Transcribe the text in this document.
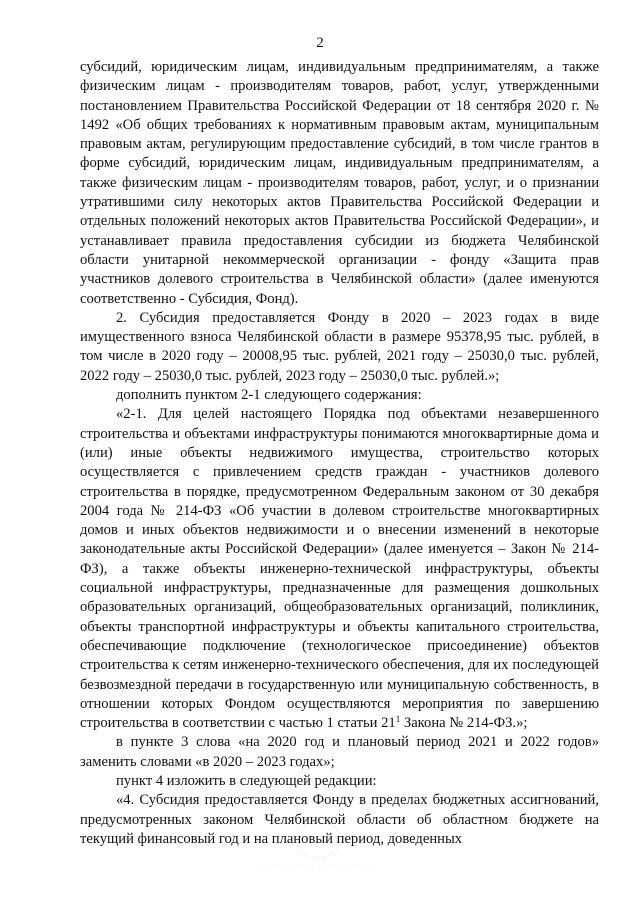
2

субсидий, юридическим лицам, индивидуальным предпринимателям, а также физическим лицам - производителям товаров, работ, услуг, утвержденными постановлением Правительства Российской Федерации от 18 сентября 2020 г. № 1492 «Об общих требованиях к нормативным правовым актам, муниципальным правовым актам, регулирующим предоставление субсидий, в том числе грантов в форме субсидий, юридическим лицам, индивидуальным предпринимателям, а также физическим лицам - производителям товаров, работ, услуг, и о признании утратившими силу некоторых актов Правительства Российской Федерации и отдельных положений некоторых актов Правительства Российской Федерации», и устанавливает правила предоставления субсидии из бюджета Челябинской области унитарной некоммерческой организации - фонду «Защита прав участников долевого строительства в Челябинской области» (далее именуются соответственно - Субсидия, Фонд).

2. Субсидия предоставляется Фонду в 2020 – 2023 годах в виде имущественного взноса Челябинской области в размере 95378,95 тыс. рублей, в том числе в 2020 году – 20008,95 тыс. рублей, 2021 году – 25030,0 тыс. рублей, 2022 году – 25030,0 тыс. рублей, 2023 году – 25030,0 тыс. рублей.»;

дополнить пунктом 2-1 следующего содержания:

«2-1. Для целей настоящего Порядка под объектами незавершенного строительства и объектами инфраструктуры понимаются многоквартирные дома и (или) иные объекты недвижимого имущества, строительство которых осуществляется с привлечением средств граждан - участников долевого строительства в порядке, предусмотренном Федеральным законом от 30 декабря 2004 года № 214-ФЗ «Об участии в долевом строительстве многоквартирных домов и иных объектов недвижимости и о внесении изменений в некоторые законодательные акты Российской Федерации» (далее именуется – Закон № 214-ФЗ), а также объекты инженерно-технической инфраструктуры, объекты социальной инфраструктуры, предназначенные для размещения дошкольных образовательных организаций, общеобразовательных организаций, поликлиник, объекты транспортной инфраструктуры и объекты капитального строительства, обеспечивающие подключение (технологическое присоединение) объектов строительства к сетям инженерно-технического обеспечения, для их последующей безвозмездной передачи в государственную или муниципальную собственность, в отношении которых Фондом осуществляются мероприятия по завершению строительства в соответствии с частью 1 статьи $21^1$ Закона № 214-ФЗ.»;

в пункте 3 слова «на 2020 год и плановый период 2021 и 2022 годов» заменить словами «в 2020 – 2023 годах»;

пункт 4 изложить в следующей редакции:

«4. Субсидия предоставляется Фонду в пределах бюджетных ассигнований, предусмотренных законом Челябинской области об областном бюджете на текущий финансовый год и на плановый период, доведенных
